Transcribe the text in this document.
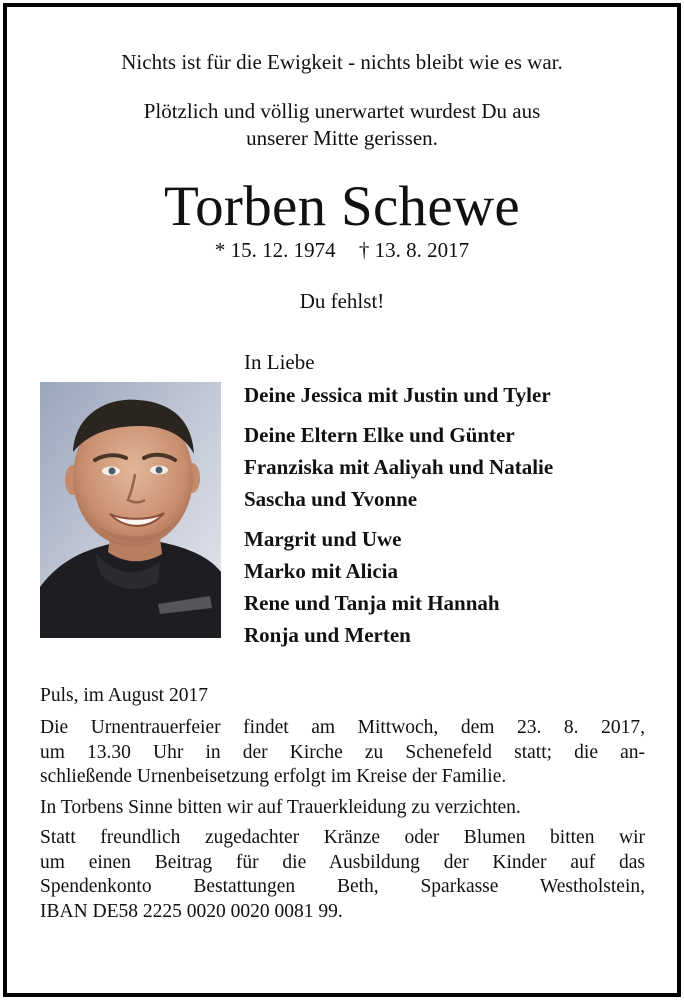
Nichts ist für die Ewigkeit - nichts bleibt wie es war.
Plötzlich und völlig unerwartet wurdest Du aus
unserer Mitte gerissen.
Torben Schewe
* 15. 12. 1974 † 13. 8. 2017
Du fehlst!
In Liebe
Deine Jessica mit Justin und Tyler
Deine Eltern Elke und Günter
Franziska mit Aaliyah und Natalie
Sascha und Yvonne
Margrit und Uwe
Marko mit Alicia
Rene und Tanja mit Hannah
Ronja und Merten
Puls, im August 2017
Die Urnentrauerfeier findet am Mittwoch, dem 23. 8. 2017,
um 13.30 Uhr in der Kirche zu Schenefeld statt; die an-
schließende Urnenbeisetzung erfolgt im Kreise der Familie.
In Torbens Sinne bitten wir auf Trauerkleidung zu verzichten.
Statt freundlich zugedachter Kränze oder Blumen bitten wir
um einen Beitrag für die Ausbildung der Kinder auf das
Spendenkonto Bestattungen Beth, Sparkasse Westholstein,
IBAN DE58 2225 0020 0020 0081 99.
